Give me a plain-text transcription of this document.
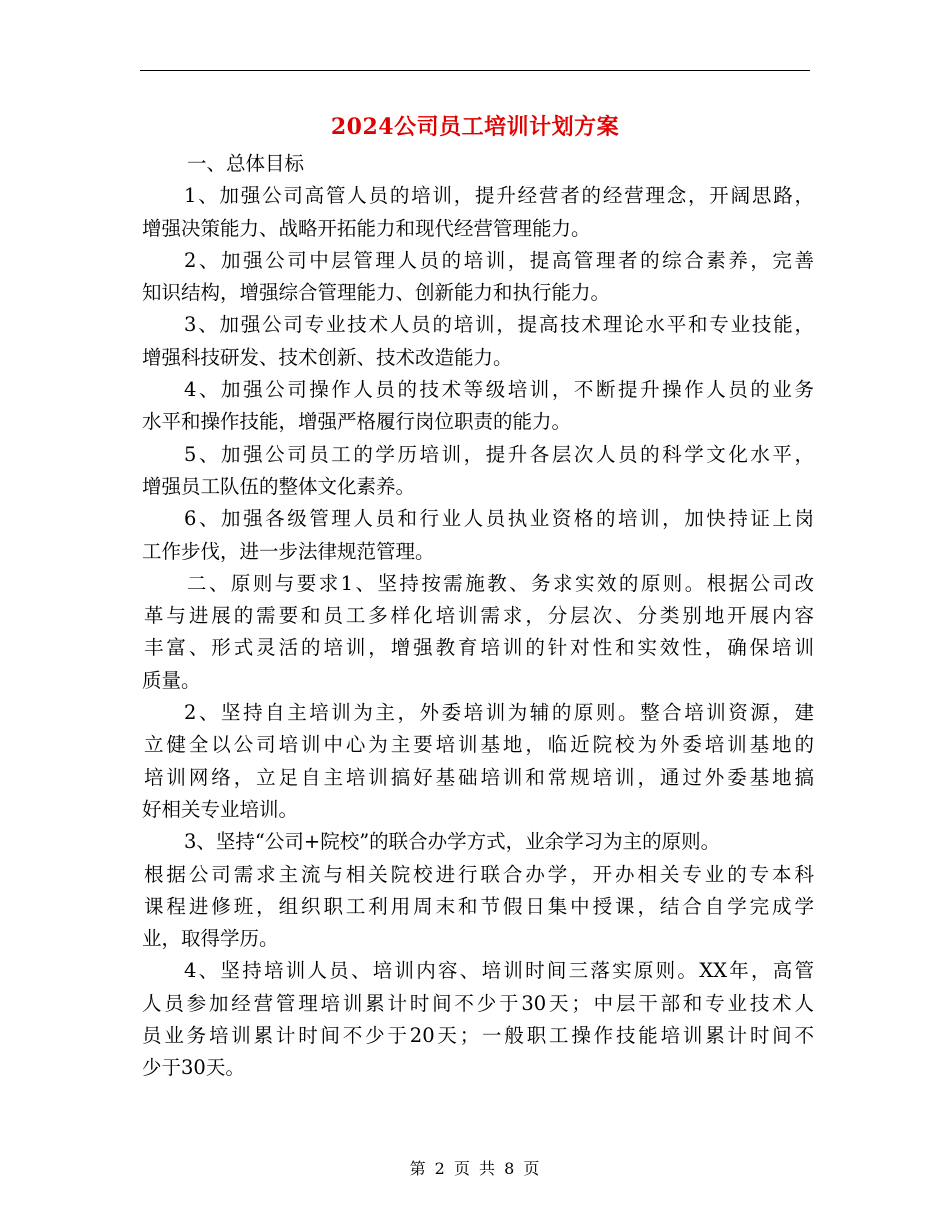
2024公司员工培训计划方案
一、总体目标
1、加强公司高管人员的培训，提升经营者的经营理念，开阔思路，
增强决策能力、战略开拓能力和现代经营管理能力。
2、加强公司中层管理人员的培训，提高管理者的综合素养，完善
知识结构，增强综合管理能力、创新能力和执行能力。
3、加强公司专业技术人员的培训，提高技术理论水平和专业技能，
增强科技研发、技术创新、技术改造能力。
4、加强公司操作人员的技术等级培训，不断提升操作人员的业务
水平和操作技能，增强严格履行岗位职责的能力。
5、加强公司员工的学历培训，提升各层次人员的科学文化水平，
增强员工队伍的整体文化素养。
6、加强各级管理人员和行业人员执业资格的培训，加快持证上岗
工作步伐，进一步法律规范管理。
二、原则与要求1、坚持按需施教、务求实效的原则。根据公司改
革与进展的需要和员工多样化培训需求，分层次、分类别地开展内容
丰富、形式灵活的培训，增强教育培训的针对性和实效性，确保培训
质量。
2、坚持自主培训为主，外委培训为辅的原则。整合培训资源，建
立健全以公司培训中心为主要培训基地，临近院校为外委培训基地的
培训网络，立足自主培训搞好基础培训和常规培训，通过外委基地搞
好相关专业培训。
3、坚持“公司+院校”的联合办学方式，业余学习为主的原则。
根据公司需求主流与相关院校进行联合办学，开办相关专业的专本科
课程进修班，组织职工利用周末和节假日集中授课，结合自学完成学
业，取得学历。
4、坚持培训人员、培训内容、培训时间三落实原则。XX年，高管
人员参加经营管理培训累计时间不少于30天；中层干部和专业技术人
员业务培训累计时间不少于20天；一般职工操作技能培训累计时间不
少于30天。
第 2 页 共 8 页
